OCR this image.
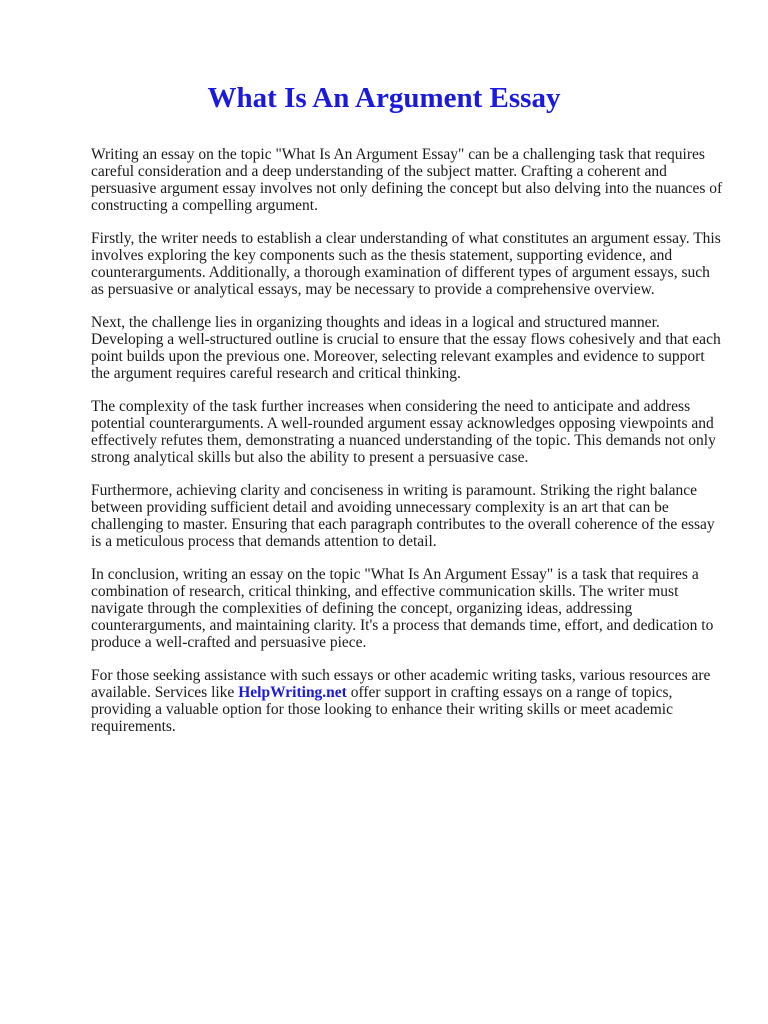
What Is An Argument Essay

Writing an essay on the topic "What Is An Argument Essay" can be a challenging task that requires careful consideration and a deep understanding of the subject matter. Crafting a coherent and persuasive argument essay involves not only defining the concept but also delving into the nuances of constructing a compelling argument.

Firstly, the writer needs to establish a clear understanding of what constitutes an argument essay. This involves exploring the key components such as the thesis statement, supporting evidence, and counterarguments. Additionally, a thorough examination of different types of argument essays, such as persuasive or analytical essays, may be necessary to provide a comprehensive overview.

Next, the challenge lies in organizing thoughts and ideas in a logical and structured manner. Developing a well-structured outline is crucial to ensure that the essay flows cohesively and that each point builds upon the previous one. Moreover, selecting relevant examples and evidence to support the argument requires careful research and critical thinking.

The complexity of the task further increases when considering the need to anticipate and address potential counterarguments. A well-rounded argument essay acknowledges opposing viewpoints and effectively refutes them, demonstrating a nuanced understanding of the topic. This demands not only strong analytical skills but also the ability to present a persuasive case.

Furthermore, achieving clarity and conciseness in writing is paramount. Striking the right balance between providing sufficient detail and avoiding unnecessary complexity is an art that can be challenging to master. Ensuring that each paragraph contributes to the overall coherence of the essay is a meticulous process that demands attention to detail.

In conclusion, writing an essay on the topic "What Is An Argument Essay" is a task that requires a combination of research, critical thinking, and effective communication skills. The writer must navigate through the complexities of defining the concept, organizing ideas, addressing counterarguments, and maintaining clarity. It's a process that demands time, effort, and dedication to produce a well-crafted and persuasive piece.

For those seeking assistance with such essays or other academic writing tasks, various resources are available. Services like HelpWriting.net offer support in crafting essays on a range of topics, providing a valuable option for those looking to enhance their writing skills or meet academic requirements.
